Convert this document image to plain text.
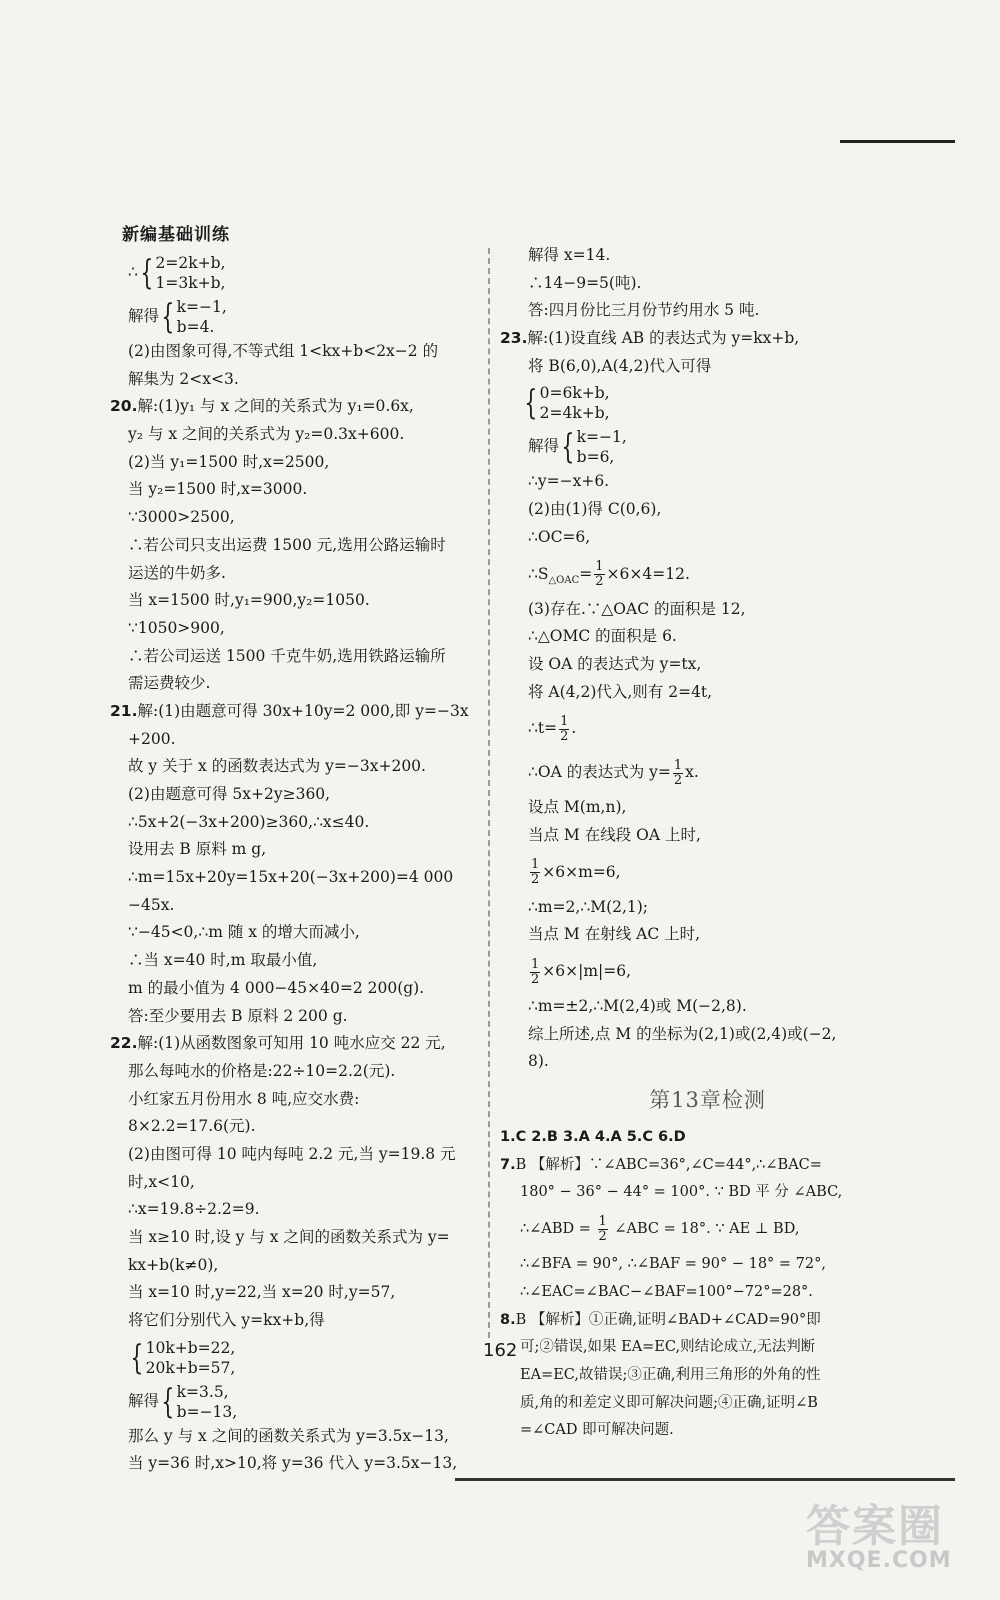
新编基础训练
∴{ 2=2k+b,
1=3k+b,
解得{ k=−1,
b=4.
(2)由图象可得,不等式组 1<kx+b<2x−2 的
解集为 2<x<3.
20.解:(1)y₁ 与 x 之间的关系式为 y₁=0.6x,
y₂ 与 x 之间的关系式为 y₂=0.3x+600.
(2)当 y₁=1500 时,x=2500,
当 y₂=1500 时,x=3000.
∵3000>2500,
∴若公司只支出运费 1500 元,选用公路运输时
运送的牛奶多.
当 x=1500 时,y₁=900,y₂=1050.
∵1050>900,
∴若公司运送 1500 千克牛奶,选用铁路运输所
需运费较少.
21.解:(1)由题意可得 30x+10y=2 000,即 y=−3x
+200.
故 y 关于 x 的函数表达式为 y=−3x+200.
(2)由题意可得 5x+2y≥360,
∴5x+2(−3x+200)≥360,∴x≤40.
设用去 B 原料 m g,
∴m=15x+20y=15x+20(−3x+200)=4 000
−45x.
∵−45<0,∴m 随 x 的增大而减小,
∴当 x=40 时,m 取最小值,
m 的最小值为 4 000−45×40=2 200(g).
答:至少要用去 B 原料 2 200 g.
22.解:(1)从函数图象可知用 10 吨水应交 22 元,
那么每吨水的价格是:22÷10=2.2(元).
小红家五月份用水 8 吨,应交水费:
8×2.2=17.6(元).
(2)由图可得 10 吨内每吨 2.2 元,当 y=19.8 元
时,x<10,
∴x=19.8÷2.2=9.
当 x≥10 时,设 y 与 x 之间的函数关系式为 y=
kx+b(k≠0),
当 x=10 时,y=22,当 x=20 时,y=57,
将它们分别代入 y=kx+b,得
{ 10k+b=22,
20k+b=57,
解得{ k=3.5,
b=−13,
那么 y 与 x 之间的函数关系式为 y=3.5x−13,
当 y=36 时,x>10,将 y=36 代入 y=3.5x−13,
解得 x=14.
∴14−9=5(吨).
答:四月份比三月份节约用水 5 吨.
23.解:(1)设直线 AB 的表达式为 y=kx+b,
将 B(6,0),A(4,2)代入可得
{ 0=6k+b,
2=4k+b,
解得{ k=−1,
b=6,
∴y=−x+6.
(2)由(1)得 C(0,6),
∴OC=6,
$\therefore S_{\triangle OAC}= \frac{1}{2} \times 6\times 4=12$.
(3)存在.∵△OAC 的面积是 12,
∴△OMC 的面积是 6.
设 OA 的表达式为 y=tx,
将 A(4,2)代入,则有 2=4t,
∴t= $\frac{1}{2}$ .
∴OA 的表达式为 $y= \frac{1}{2} x$.
设点 M(m,n),
当点 M 在线段 OA 上时,
$\frac{1}{2} \times 6\times m=6$,
∴m=2,∴M(2,1);
当点 M 在射线 AC 上时,
$\frac{1}{2} \times 6\times|m|=6$,
∴m=±2,∴M(2,4)或 M(−2,8).
综上所述,点 M 的坐标为(2,1)或(2,4)或(−2,
8).
第13章检测
1.C 2.B 3.A 4.A 5.C 6.D
7.B 【解析】∵∠ABC=36°,∠C=44°,∴∠BAC=
180° − 36° − 44° = 100°. ∵ BD 平 分 ∠ABC,
∴∠ABD = $\frac{1}{2}$ ∠ABC = 18°. ∵ AE ⊥ BD,
∴∠BFA = 90°, ∴∠BAF = 90° − 18° = 72°,
∴∠EAC=∠BAC−∠BAF=100°−72°=28°.
8.B 【解析】①正确,证明∠BAD+∠CAD=90°即
可;②错误,如果 EA=EC,则结论成立,无法判断
EA=EC,故错误;③正确,利用三角形的外角的性
质,角的和差定义即可解决问题;④正确,证明∠B
=∠CAD 即可解决问题.
162
答案圈
MXQE.COM
